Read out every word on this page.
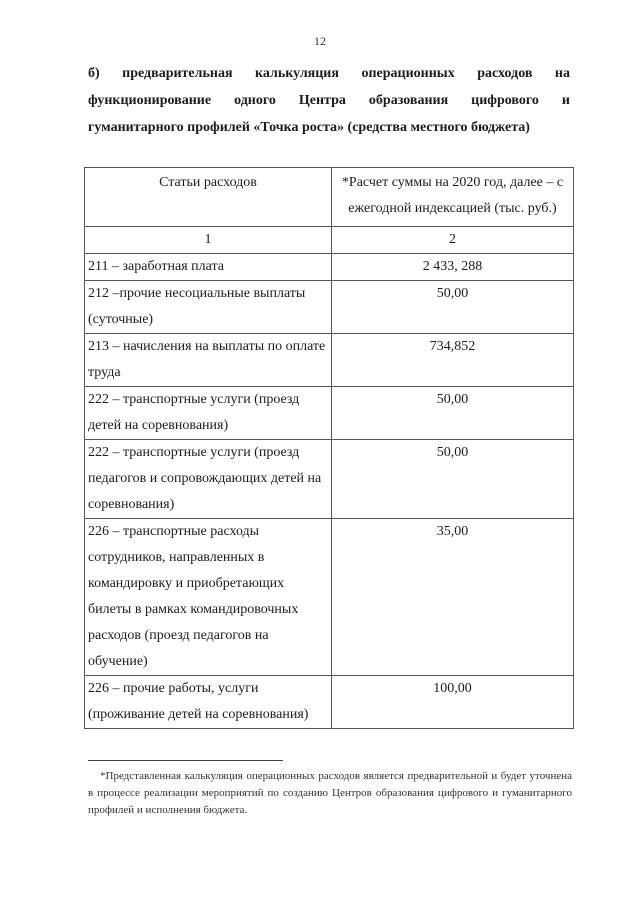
12
б) предварительная калькуляция операционных расходов на
функционирование одного Центра образования цифрового и
гуманитарного профилей «Точка роста» (средства местного бюджета)
Статьи расходов	*Расчет суммы на 2020 год, далее – с ежегодной индексацией (тыс. руб.)
1	2
211 – заработная плата	2 433, 288
212 –прочие несоциальные выплаты (суточные)	50,00
213 – начисления на выплаты по оплате труда	734,852
222 – транспортные услуги (проезд детей на соревнования)	50,00
222 – транспортные услуги (проезд педагогов и сопровождающих детей на соревнования)	50,00
226 – транспортные расходы сотрудников, направленных в командировку и приобретающих билеты в рамках командировочных расходов (проезд педагогов на обучение)	35,00
226 – прочие работы, услуги (проживание детей на соревнования)	100,00
*Представленная калькуляция операционных расходов является предварительной и будет уточнена в процессе реализации мероприятий по созданию Центров образования цифрового и гуманитарного профилей и исполнения бюджета.
